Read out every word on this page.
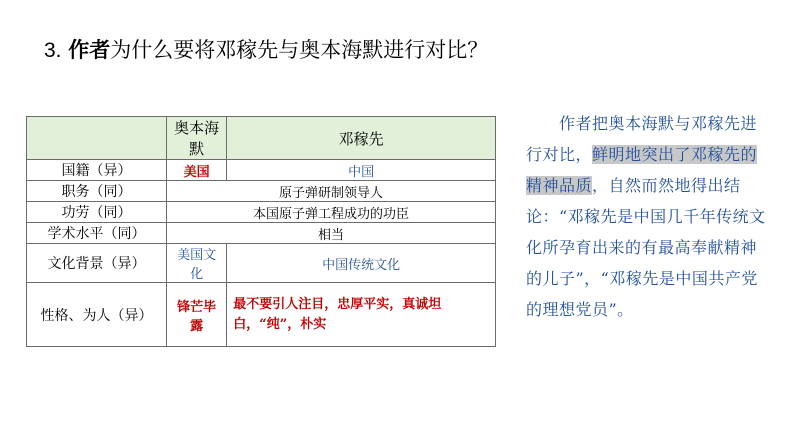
3. 作者为什么要将邓稼先与奥本海默进行对比？
	奥本海默	邓稼先
国籍（异）	美国	中国
职务（同）	原子弹研制领导人	
功劳（同）	本国原子弹工程成功的功臣	
学术水平（同）	相当	
文化背景（异）	美国文化	中国传统文化
性格、为人（异）	锋芒毕露	最不要引人注目，忠厚平实，真诚坦白，“纯”，朴实

  作者把奥本海默与邓稼先进行对比，鲜明地突出了邓稼先的精神品质，自然而然地得出结论：“邓稼先是中国几千年传统文化所孕育出来的有最高奉献精神的儿子”，“邓稼先是中国共产党的理想党员”。
